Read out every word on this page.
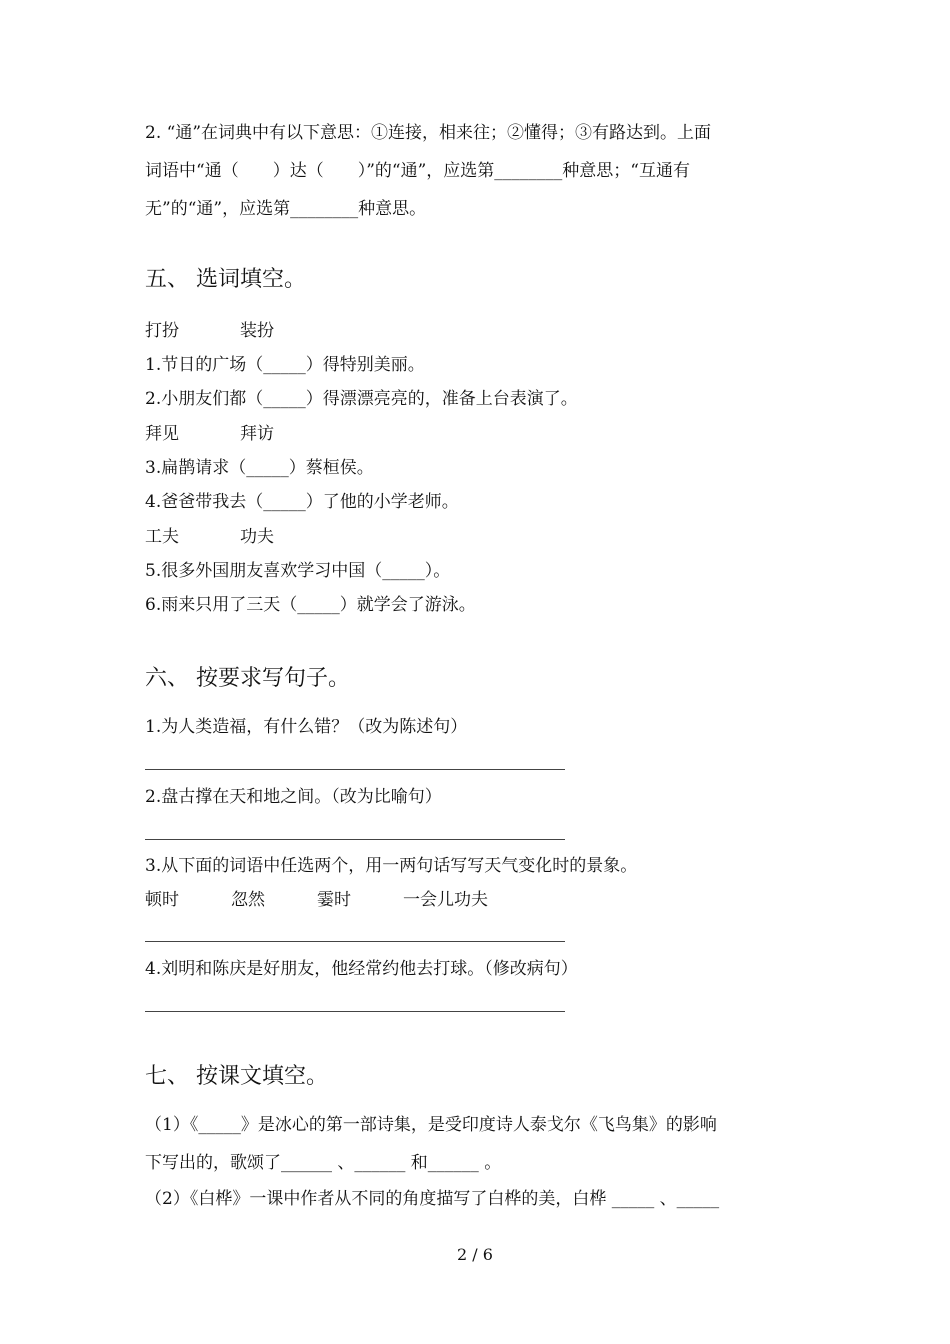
2. “通”在词典中有以下意思：①连接，相来往；②懂得；③有路达到。上面
词语中“通（　　）达（　　）”的“通”，应选第________种意思；“互通有
无”的“通”，应选第________种意思。
五、 选词填空。
打扮	装扮
1.节日的广场（_____）得特别美丽。
2.小朋友们都（_____）得漂漂亮亮的，准备上台表演了。
拜见	拜访
3.扁鹊请求（_____）蔡桓侯。
4.爸爸带我去（_____）了他的小学老师。
工夫	功夫
5.很多外国朋友喜欢学习中国（_____）。
6.雨来只用了三天（_____）就学会了游泳。
六、 按要求写句子。
1.为人类造福，有什么错？（改为陈述句）
2.盘古撑在天和地之间。（改为比喻句）
3.从下面的词语中任选两个，用一两句话写写天气变化时的景象。
顿时	忽然	霎时	一会儿功夫
4.刘明和陈庆是好朋友，他经常约他去打球。（修改病句）
七、 按课文填空。
（1）《_____》是冰心的第一部诗集，是受印度诗人泰戈尔《飞鸟集》的影响
下写出的，歌颂了______ 、______ 和______ 。
（2）《白桦》一课中作者从不同的角度描写了白桦的美，白桦 _____ 、_____
2 / 6
